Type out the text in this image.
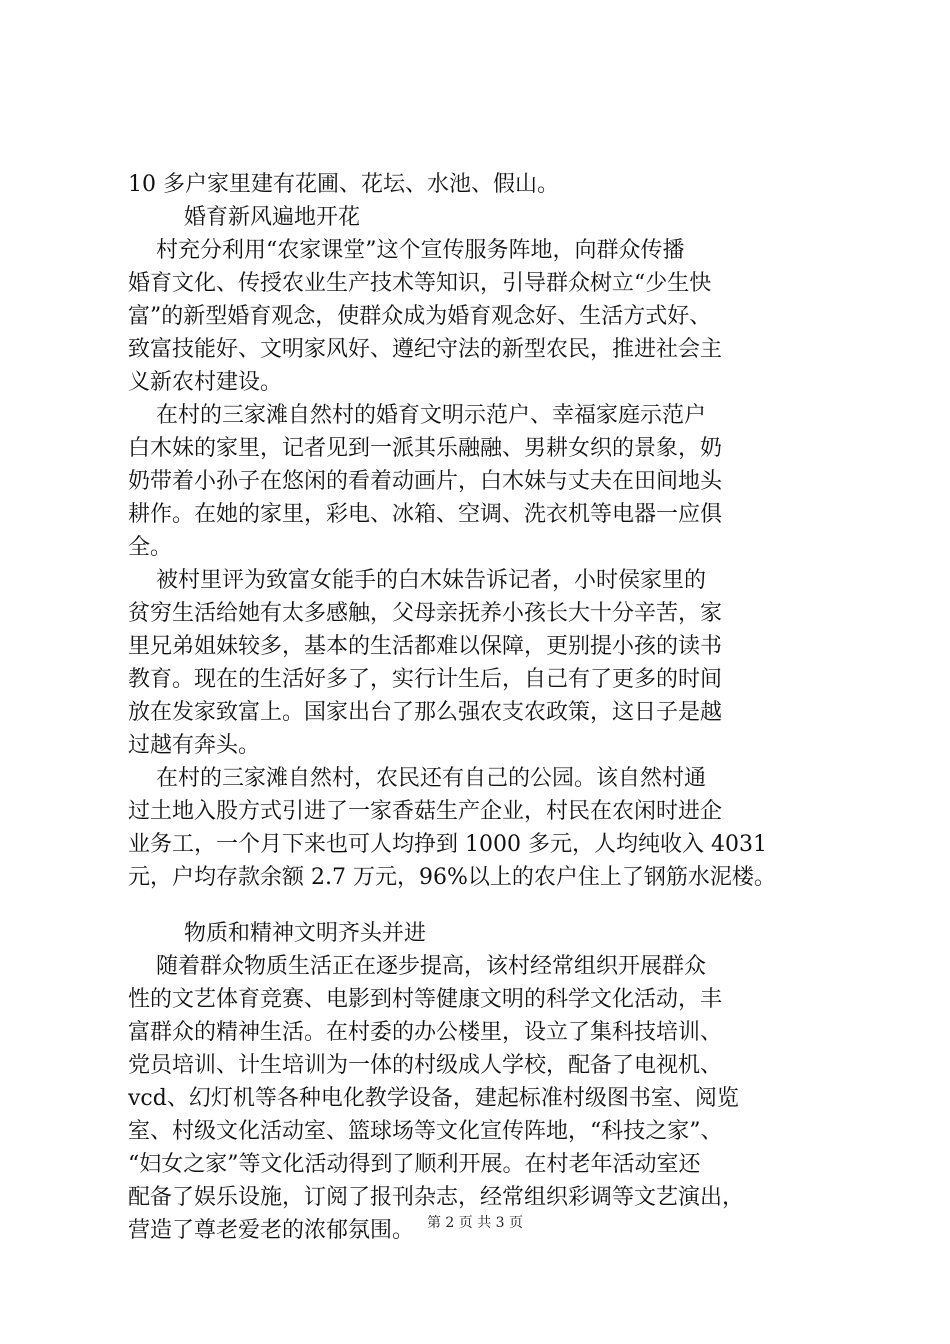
10 多户家里建有花圃、花坛、水池、假山。
婚育新风遍地开花
村充分利用“农家课堂”这个宣传服务阵地，向群众传播
婚育文化、传授农业生产技术等知识，引导群众树立“少生快
富”的新型婚育观念，使群众成为婚育观念好、生活方式好、
致富技能好、文明家风好、遵纪守法的新型农民，推进社会主
义新农村建设。
在村的三家滩自然村的婚育文明示范户、幸福家庭示范户
白木妹的家里，记者见到一派其乐融融、男耕女织的景象，奶
奶带着小孙子在悠闲的看着动画片，白木妹与丈夫在田间地头
耕作。在她的家里，彩电、冰箱、空调、洗衣机等电器一应俱
全。
被村里评为致富女能手的白木妹告诉记者，小时侯家里的
贫穷生活给她有太多感触，父母亲抚养小孩长大十分辛苦，家
里兄弟姐妹较多，基本的生活都难以保障，更别提小孩的读书
教育。现在的生活好多了，实行计生后，自己有了更多的时间
放在发家致富上。国家出台了那么强农支农政策，这日子是越
过越有奔头。
在村的三家滩自然村，农民还有自己的公园。该自然村通
过土地入股方式引进了一家香菇生产企业，村民在农闲时进企
业务工，一个月下来也可人均挣到 1000 多元，人均纯收入 4031
元，户均存款余额 2.7 万元，96%以上的农户住上了钢筋水泥楼。
物质和精神文明齐头并进
随着群众物质生活正在逐步提高，该村经常组织开展群众
性的文艺体育竞赛、电影到村等健康文明的科学文化活动，丰
富群众的精神生活。在村委的办公楼里，设立了集科技培训、
党员培训、计生培训为一体的村级成人学校，配备了电视机、
vcd、幻灯机等各种电化教学设备，建起标准村级图书室、阅览
室、村级文化活动室、篮球场等文化宣传阵地，“科技之家”、
“妇女之家”等文化活动得到了顺利开展。在村老年活动室还
配备了娱乐设施，订阅了报刊杂志，经常组织彩调等文艺演出，
营造了尊老爱老的浓郁氛围。 第 2 页 共 3 页
